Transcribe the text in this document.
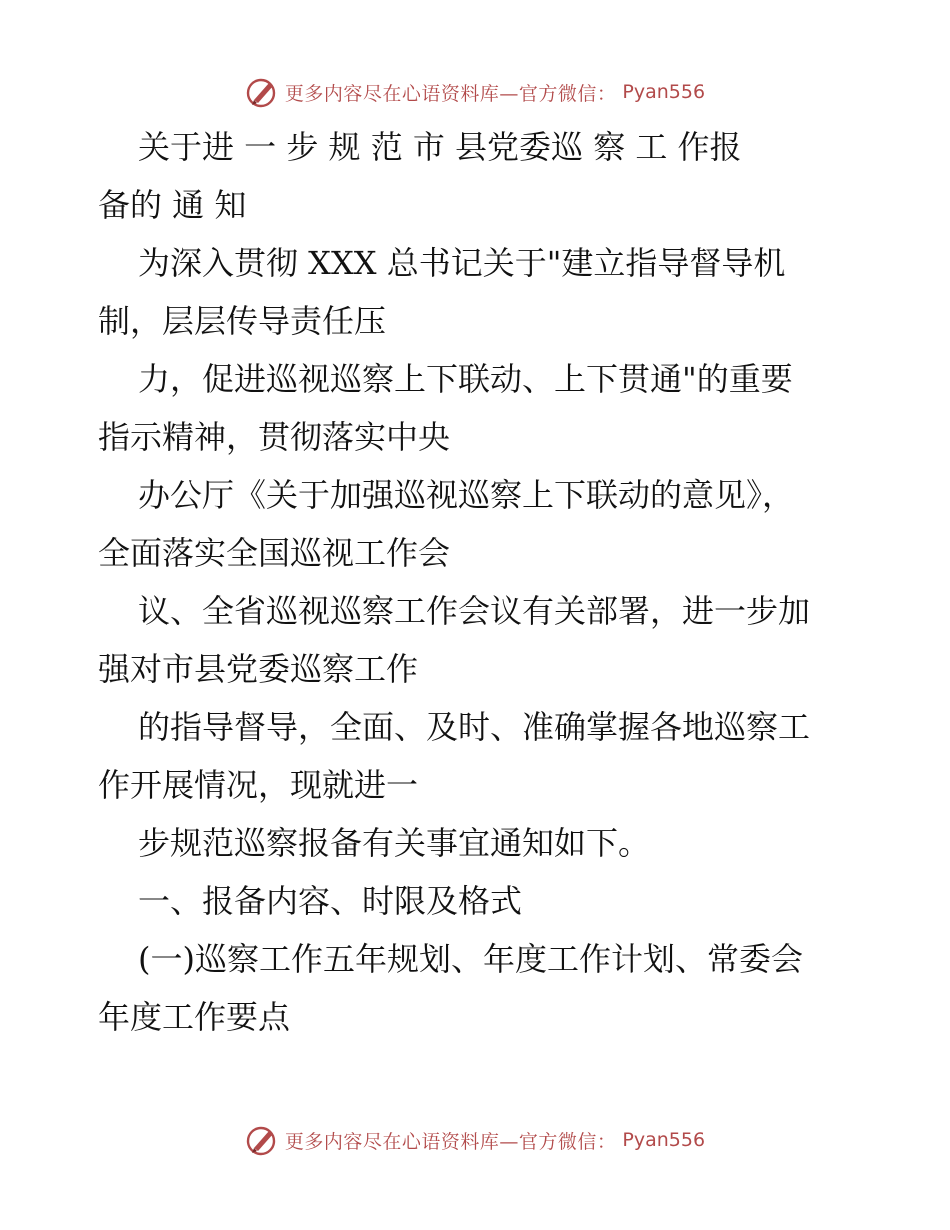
更多内容尽在心语资料库—官方微信： Pyan556
关于进 一 步 规 范 市 县党委巡 察 工 作报
备的 通 知
为深入贯彻 XXX 总书记关于"建立指导督导机
制，层层传导责任压
力，促进巡视巡察上下联动、上下贯通"的重要
指示精神，贯彻落实中央
办公厅《关于加强巡视巡察上下联动的意见》，
全面落实全国巡视工作会
议、全省巡视巡察工作会议有关部署，进一步加
强对市县党委巡察工作
的指导督导，全面、及时、准确掌握各地巡察工
作开展情况，现就进一
步规范巡察报备有关事宜通知如下。
一、报备内容、时限及格式
(一)巡察工作五年规划、年度工作计划、常委会
年度工作要点
更多内容尽在心语资料库—官方微信： Pyan556
